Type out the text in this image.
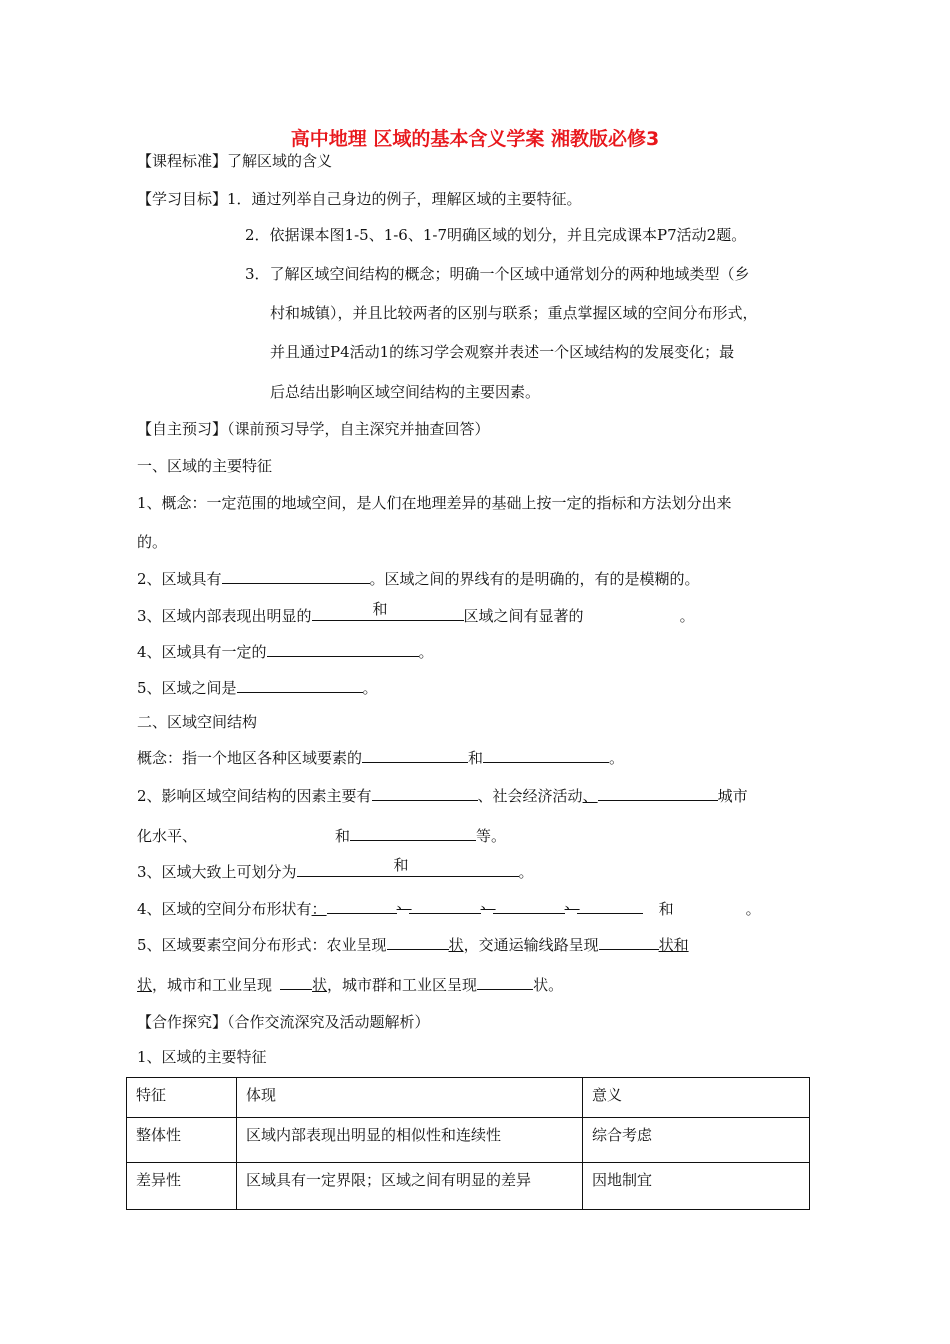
高中地理 区域的基本含义学案 湘教版必修3
【课程标准】了解区域的含义
【学习目标】1．通过列举自己身边的例子，理解区域的主要特征。
2．依据课本图1-5、1-6、1-7明确区域的划分，并且完成课本P7活动2题。
3．了解区域空间结构的概念；明确一个区域中通常划分的两种地域类型（乡
村和城镇），并且比较两者的区别与联系；重点掌握区域的空间分布形式，
并且通过P4活动1的练习学会观察并表述一个区域结构的发展变化；最
后总结出影响区域空间结构的主要因素。
【自主预习】（课前预习导学，自主深究并抽查回答）
一、区域的主要特征
1、概念：一定范围的地域空间，是人们在地理差异的基础上按一定的指标和方法划分出来
的。
2、区域具有	。区域之间的界线有的是明确的，有的是模糊的。
3、区域内部表现出明显的	和	区域之间有显著的	。
4、区域具有一定的	。
5、区域之间是	。
二、区域空间结构
概念：指一个地区各种区域要素的	和	。
2、影响区域空间结构的因素主要有	、社会经济活动、	城市
化水平、	和	等。
3、区域大致上可划分为	和	。
4、区域的空间分布形状有：	、	、	、	和	。
5、区域要素空间分布形式：农业呈现	状，交通运输线路呈现	状和
状，城市和工业呈现	状，城市群和工业区呈现	状。
【合作探究】（合作交流深究及活动题解析）
1、区域的主要特征
特征	体现	意义
整体性	区域内部表现出明显的相似性和连续性	综合考虑
差异性	区域具有一定界限；区域之间有明显的差异	因地制宜
